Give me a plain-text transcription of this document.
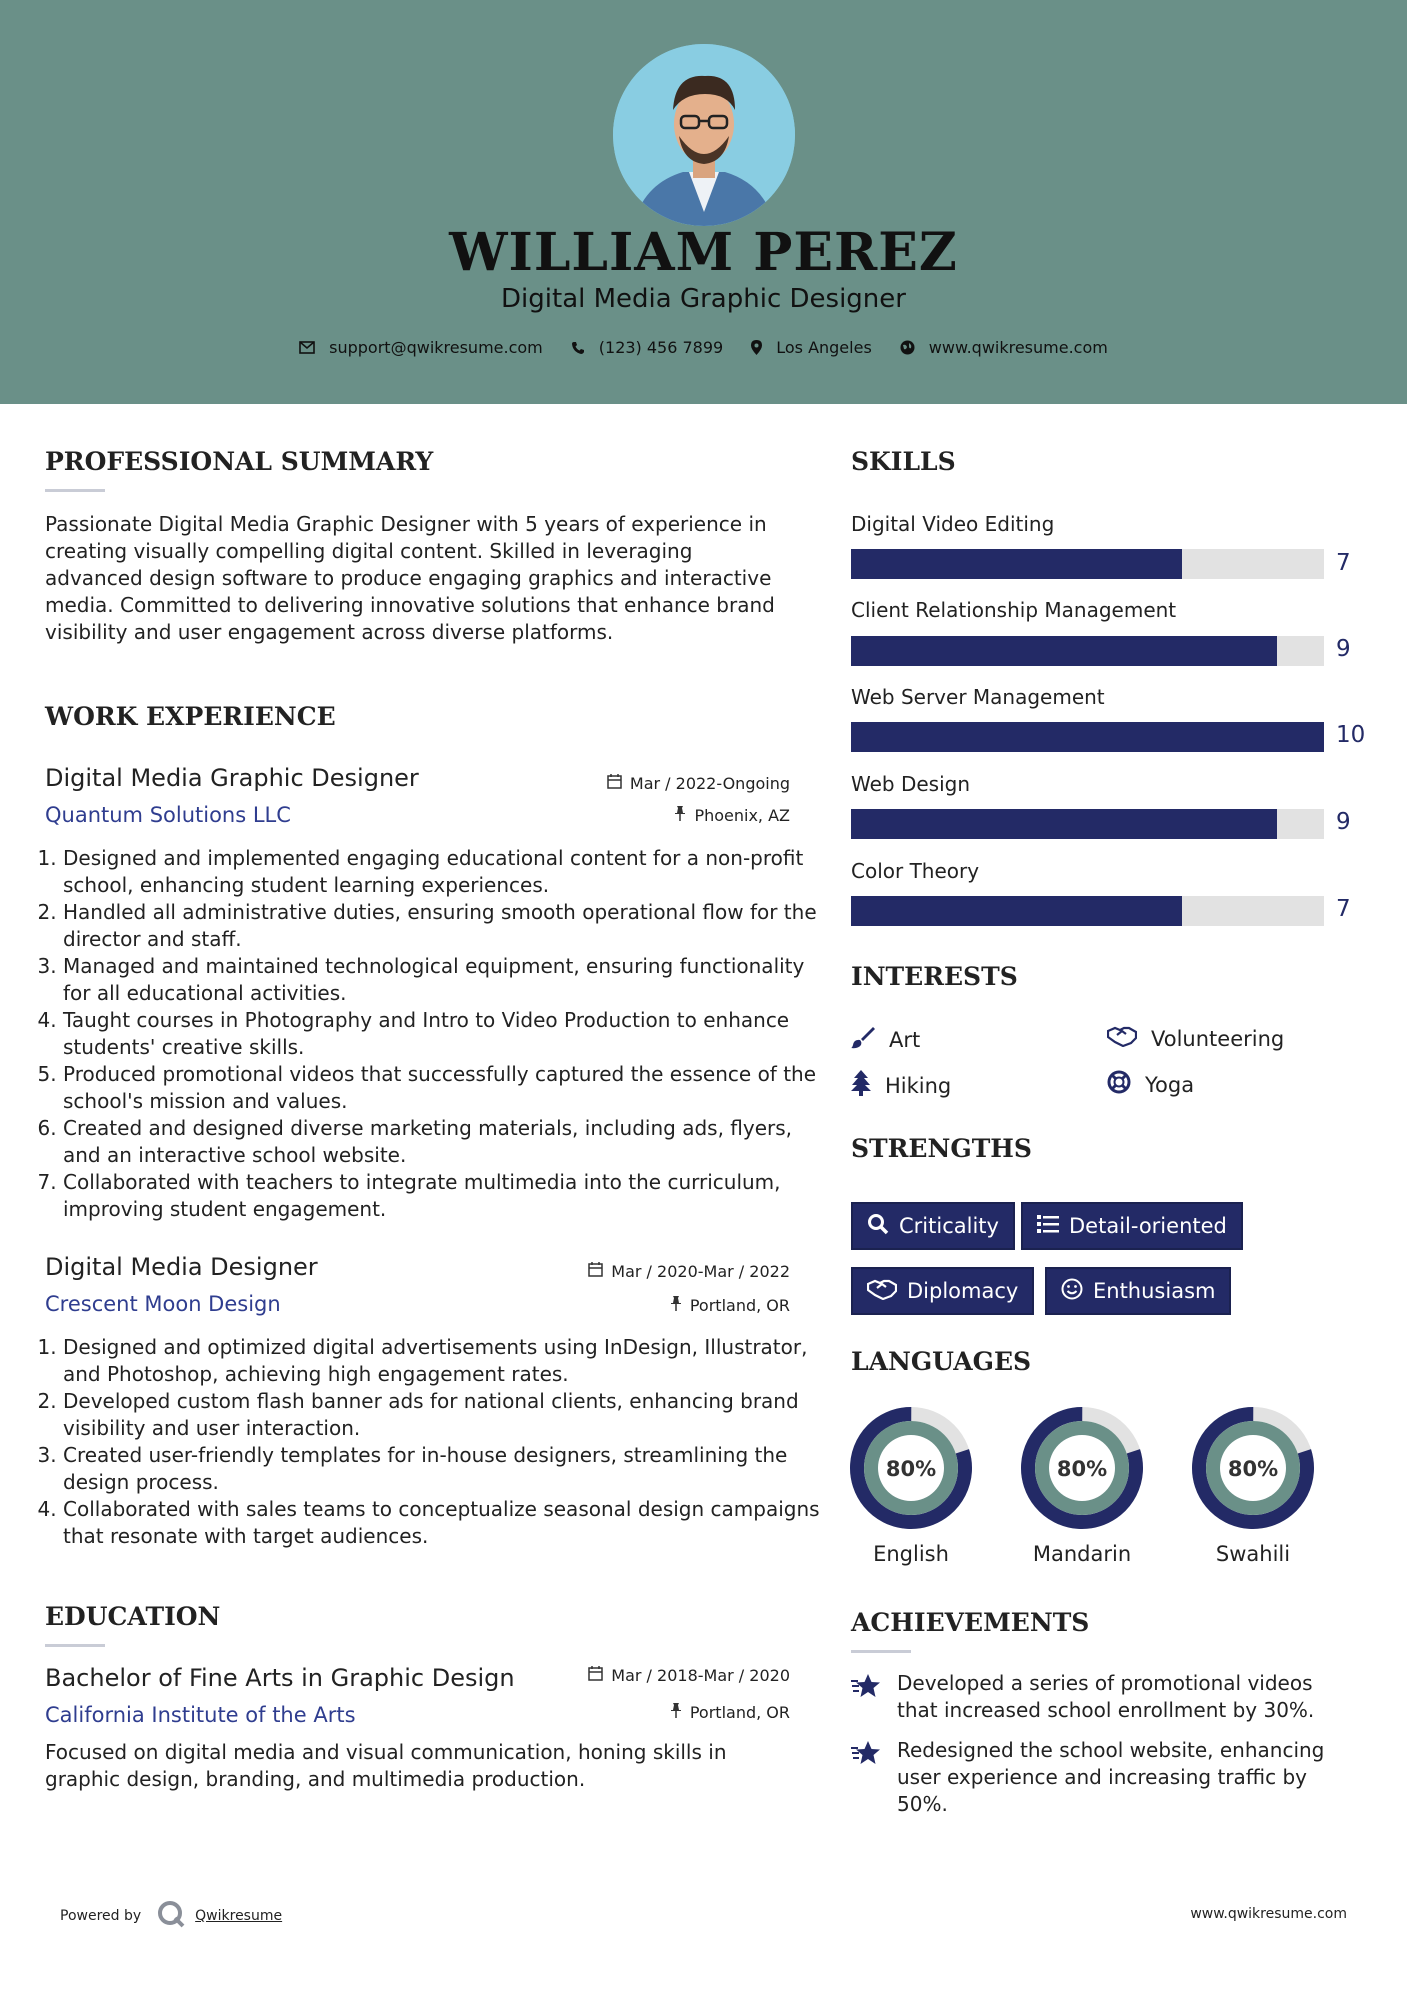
WILLIAM PEREZ
Digital Media Graphic Designer
support@qwikresume.com	(123) 456 7899	Los Angeles	www.qwikresume.com
PROFESSIONAL SUMMARY

Passionate Digital Media Graphic Designer with 5 years of experience in creating visually compelling digital content. Skilled in leveraging advanced design software to produce engaging graphics and interactive media. Committed to delivering innovative solutions that enhance brand visibility and user engagement across diverse platforms.

WORK EXPERIENCE
Digital Media Graphic Designer	Mar / 2022-Ongoing
Quantum Solutions LLC	Phoenix, AZ
1. Designed and implemented engaging educational content for a non-profit school, enhancing student learning experiences.
2. Handled all administrative duties, ensuring smooth operational flow for the director and staff.
3. Managed and maintained technological equipment, ensuring functionality for all educational activities.
4. Taught courses in Photography and Intro to Video Production to enhance students' creative skills.
5. Produced promotional videos that successfully captured the essence of the school's mission and values.
6. Created and designed diverse marketing materials, including ads, flyers, and an interactive school website.
7. Collaborated with teachers to integrate multimedia into the curriculum, improving student engagement.
Digital Media Designer	Mar / 2020-Mar / 2022
Crescent Moon Design	Portland, OR
1. Designed and optimized digital advertisements using InDesign, Illustrator, and Photoshop, achieving high engagement rates.
2. Developed custom flash banner ads for national clients, enhancing brand visibility and user interaction.
3. Created user-friendly templates for in-house designers, streamlining the design process.
4. Collaborated with sales teams to conceptualize seasonal design campaigns that resonate with target audiences.
EDUCATION
Bachelor of Fine Arts in Graphic Design	Mar / 2018-Mar / 2020
California Institute of the Arts	Portland, OR

Focused on digital media and visual communication, honing skills in graphic design, branding, and multimedia production.

SKILLS
Digital Video Editing
7
Client Relationship Management
9
Web Server Management
10
Web Design
9
Color Theory
7
INTERESTS
Art	Volunteering
Hiking	Yoga
STRENGTHS
Criticality	Detail-oriented
Diplomacy	Enthusiasm
LANGUAGES
80%
English
80%
Mandarin
80%
Swahili
ACHIEVEMENTS
Developed a series of promotional videos that increased school enrollment by 30%.
Redesigned the school website, enhancing user experience and increasing traffic by 50%.
Powered by	Qwikresume	www.qwikresume.com
